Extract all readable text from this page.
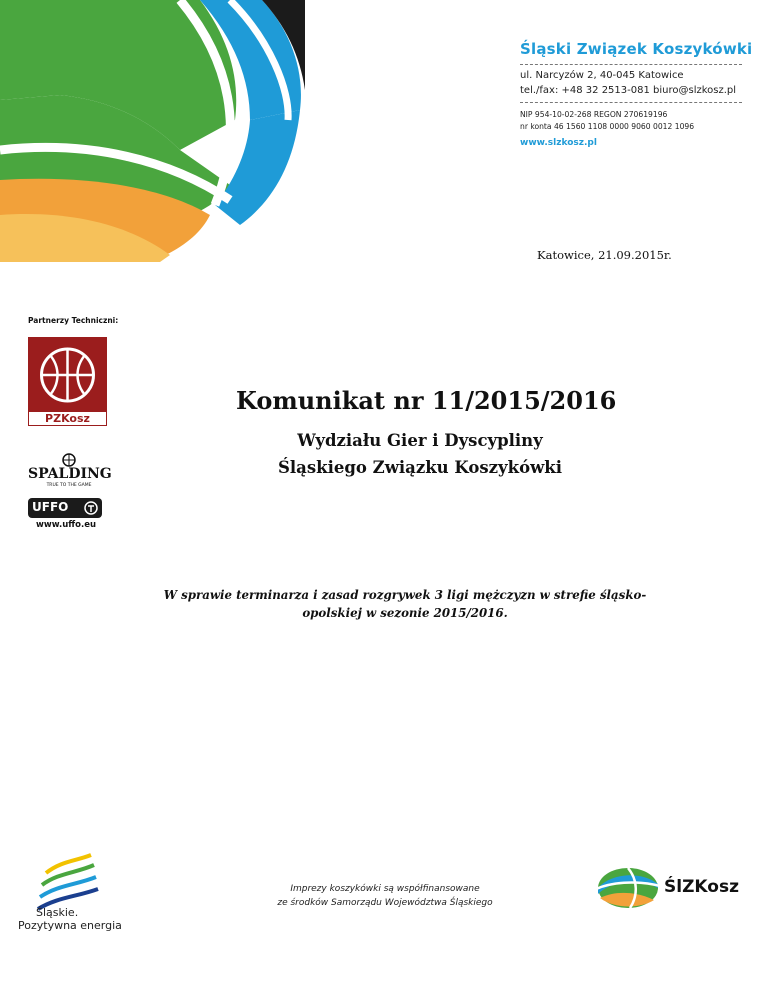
Śląski Związek Koszykówki
ul. Narcyzów 2, 40-045 Katowice
tel./fax: +48 32 2513-081 biuro@slzkosz.pl
NIP 954-10-02-268 REGON 270619196
nr konta 46 1560 1108 0000 9060 0012 1096
www.slzkosz.pl
Katowice, 21.09.2015r.
Partnerzy Techniczni:
PZKosz
SPALDING
TRUE TO THE GAME
UFFO
www.uffo.eu
Komunikat nr 11/2015/2016
Wydziału Gier i Dyscypliny
Śląskiego Związku Koszykówki
W sprawie terminarza i zasad rozgrywek 3 ligi mężczyzn w strefie śląsko-
opolskiej w sezonie 2015/2016.
Śląskie.
Pozytywna energia
Imprezy koszykówki są współfinansowane
ze środków Samorządu Województwa Śląskiego
ŚlZKosz
